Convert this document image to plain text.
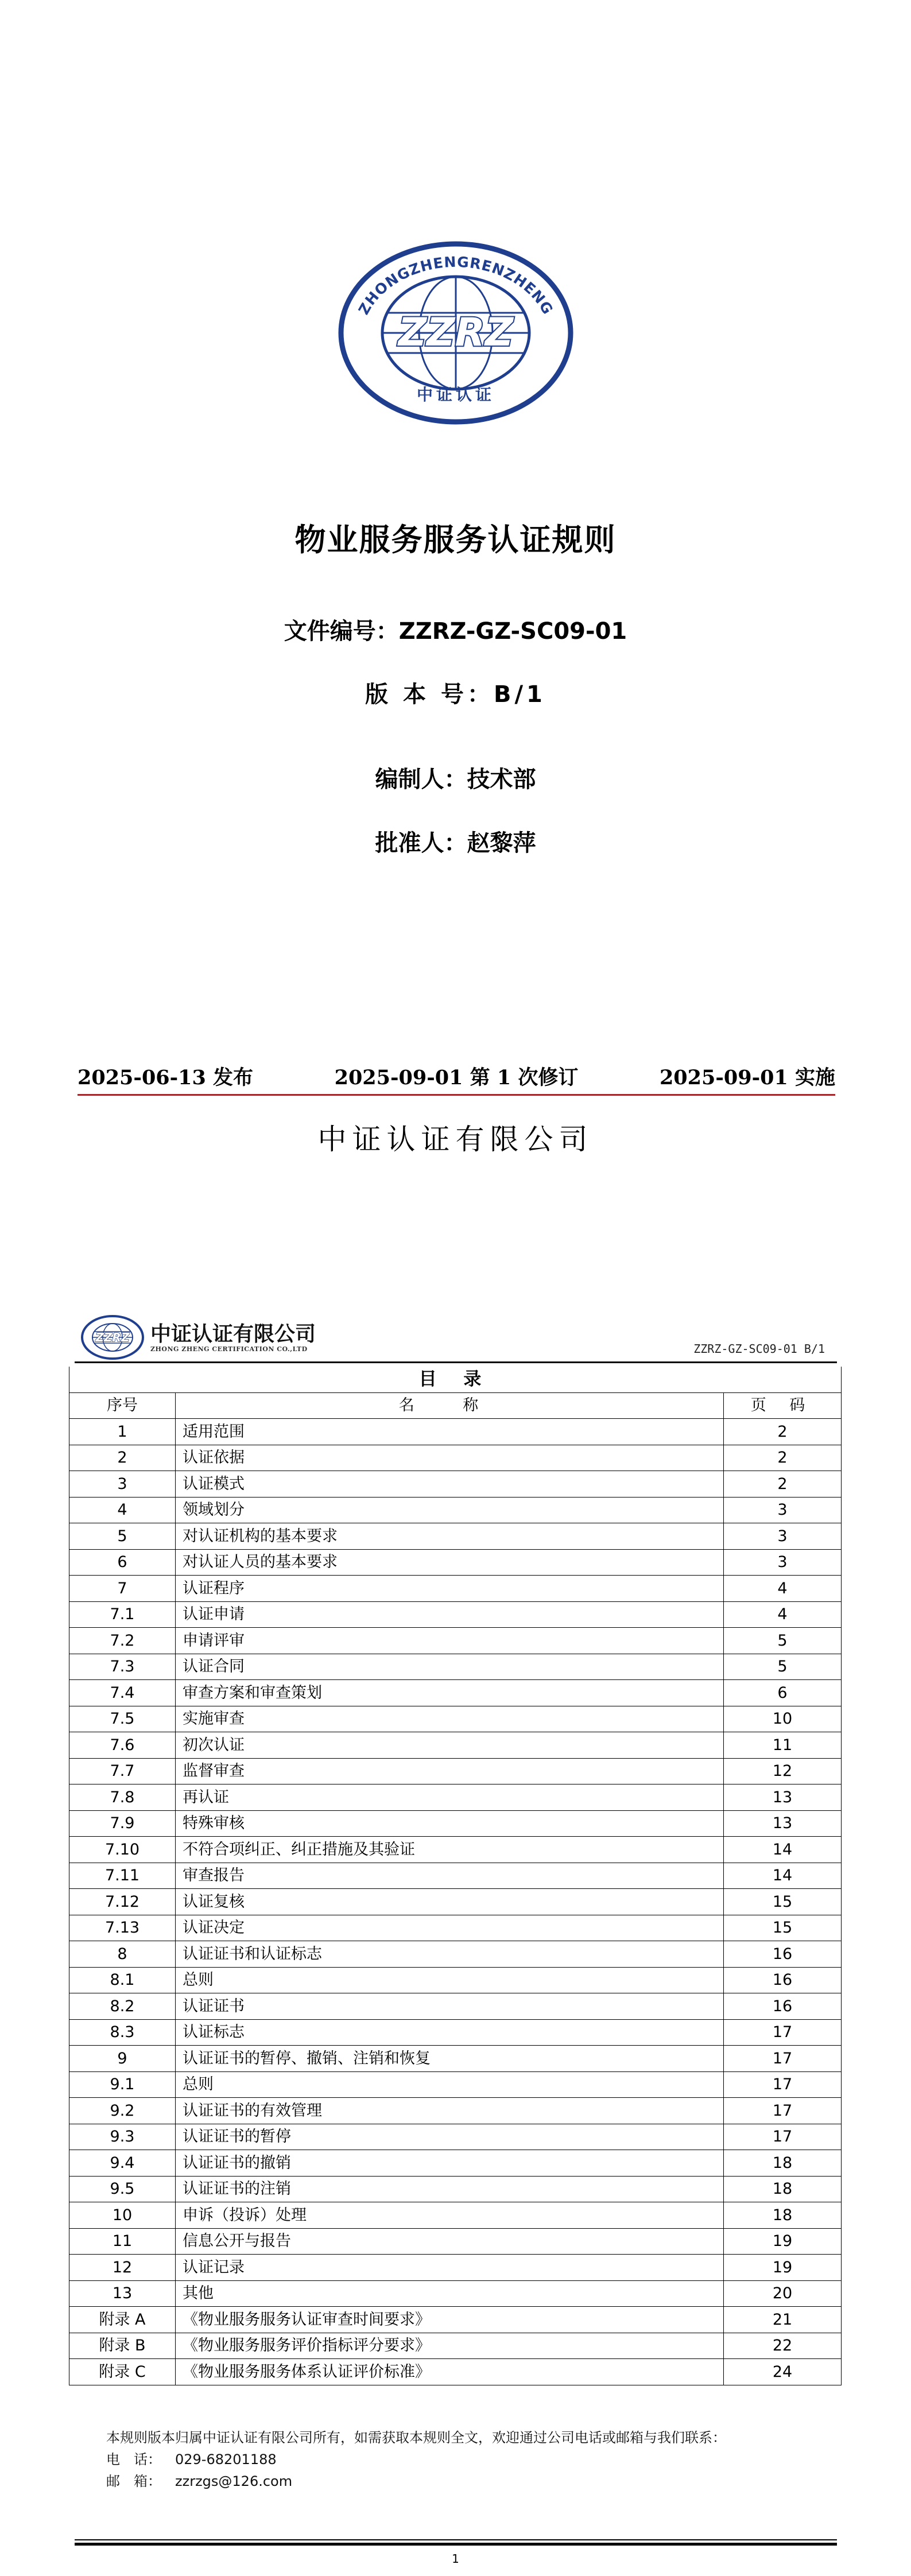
ZHONGZHENGRENZHENG
ZZRZ
中证认证
物业服务服务认证规则
文件编号：ZZRZ-GZ-SC09-01
版 本 号：B/1
编制人：技术部
批准人：赵黎萍
2025-06-13 发布	2025-09-01 第 1 次修订	2025-09-01 实施
中证认证有限公司
ZZRZ 中证认证有限公司
ZHONG ZHENG CERTIFICATION CO.,LTD	ZZRZ-GZ-SC09-01 B/1
目 录		
序号	名 称	页 码
1	适用范围	2
2	认证依据	2
3	认证模式	2
4	领域划分	3
5	对认证机构的基本要求	3
6	对认证人员的基本要求	3
7	认证程序	4
7.1	认证申请	4
7.2	申请评审	5
7.3	认证合同	5
7.4	审查方案和审查策划	6
7.5	实施审查	10
7.6	初次认证	11
7.7	监督审查	12
7.8	再认证	13
7.9	特殊审核	13
7.10	不符合项纠正、纠正措施及其验证	14
7.11	审查报告	14
7.12	认证复核	15
7.13	认证决定	15
8	认证证书和认证标志	16
8.1	总则	16
8.2	认证证书	16
8.3	认证标志	17
9	认证证书的暂停、撤销、注销和恢复	17
9.1	总则	17
9.2	认证证书的有效管理	17
9.3	认证证书的暂停	17
9.4	认证证书的撤销	18
9.5	认证证书的注销	18
10	申诉（投诉）处理	18
11	信息公开与报告	19
12	认证记录	19
13	其他	20
附录 A	《物业服务服务认证审查时间要求》	21
附录 B	《物业服务服务评价指标评分要求》	22
附录 C	《物业服务服务体系认证评价标准》	24
本规则版本归属中证认证有限公司所有，如需获取本规则全文，欢迎通过公司电话或邮箱与我们联系：
电　话： 029-68201188
邮　箱： zzrzgs@126.com
1
